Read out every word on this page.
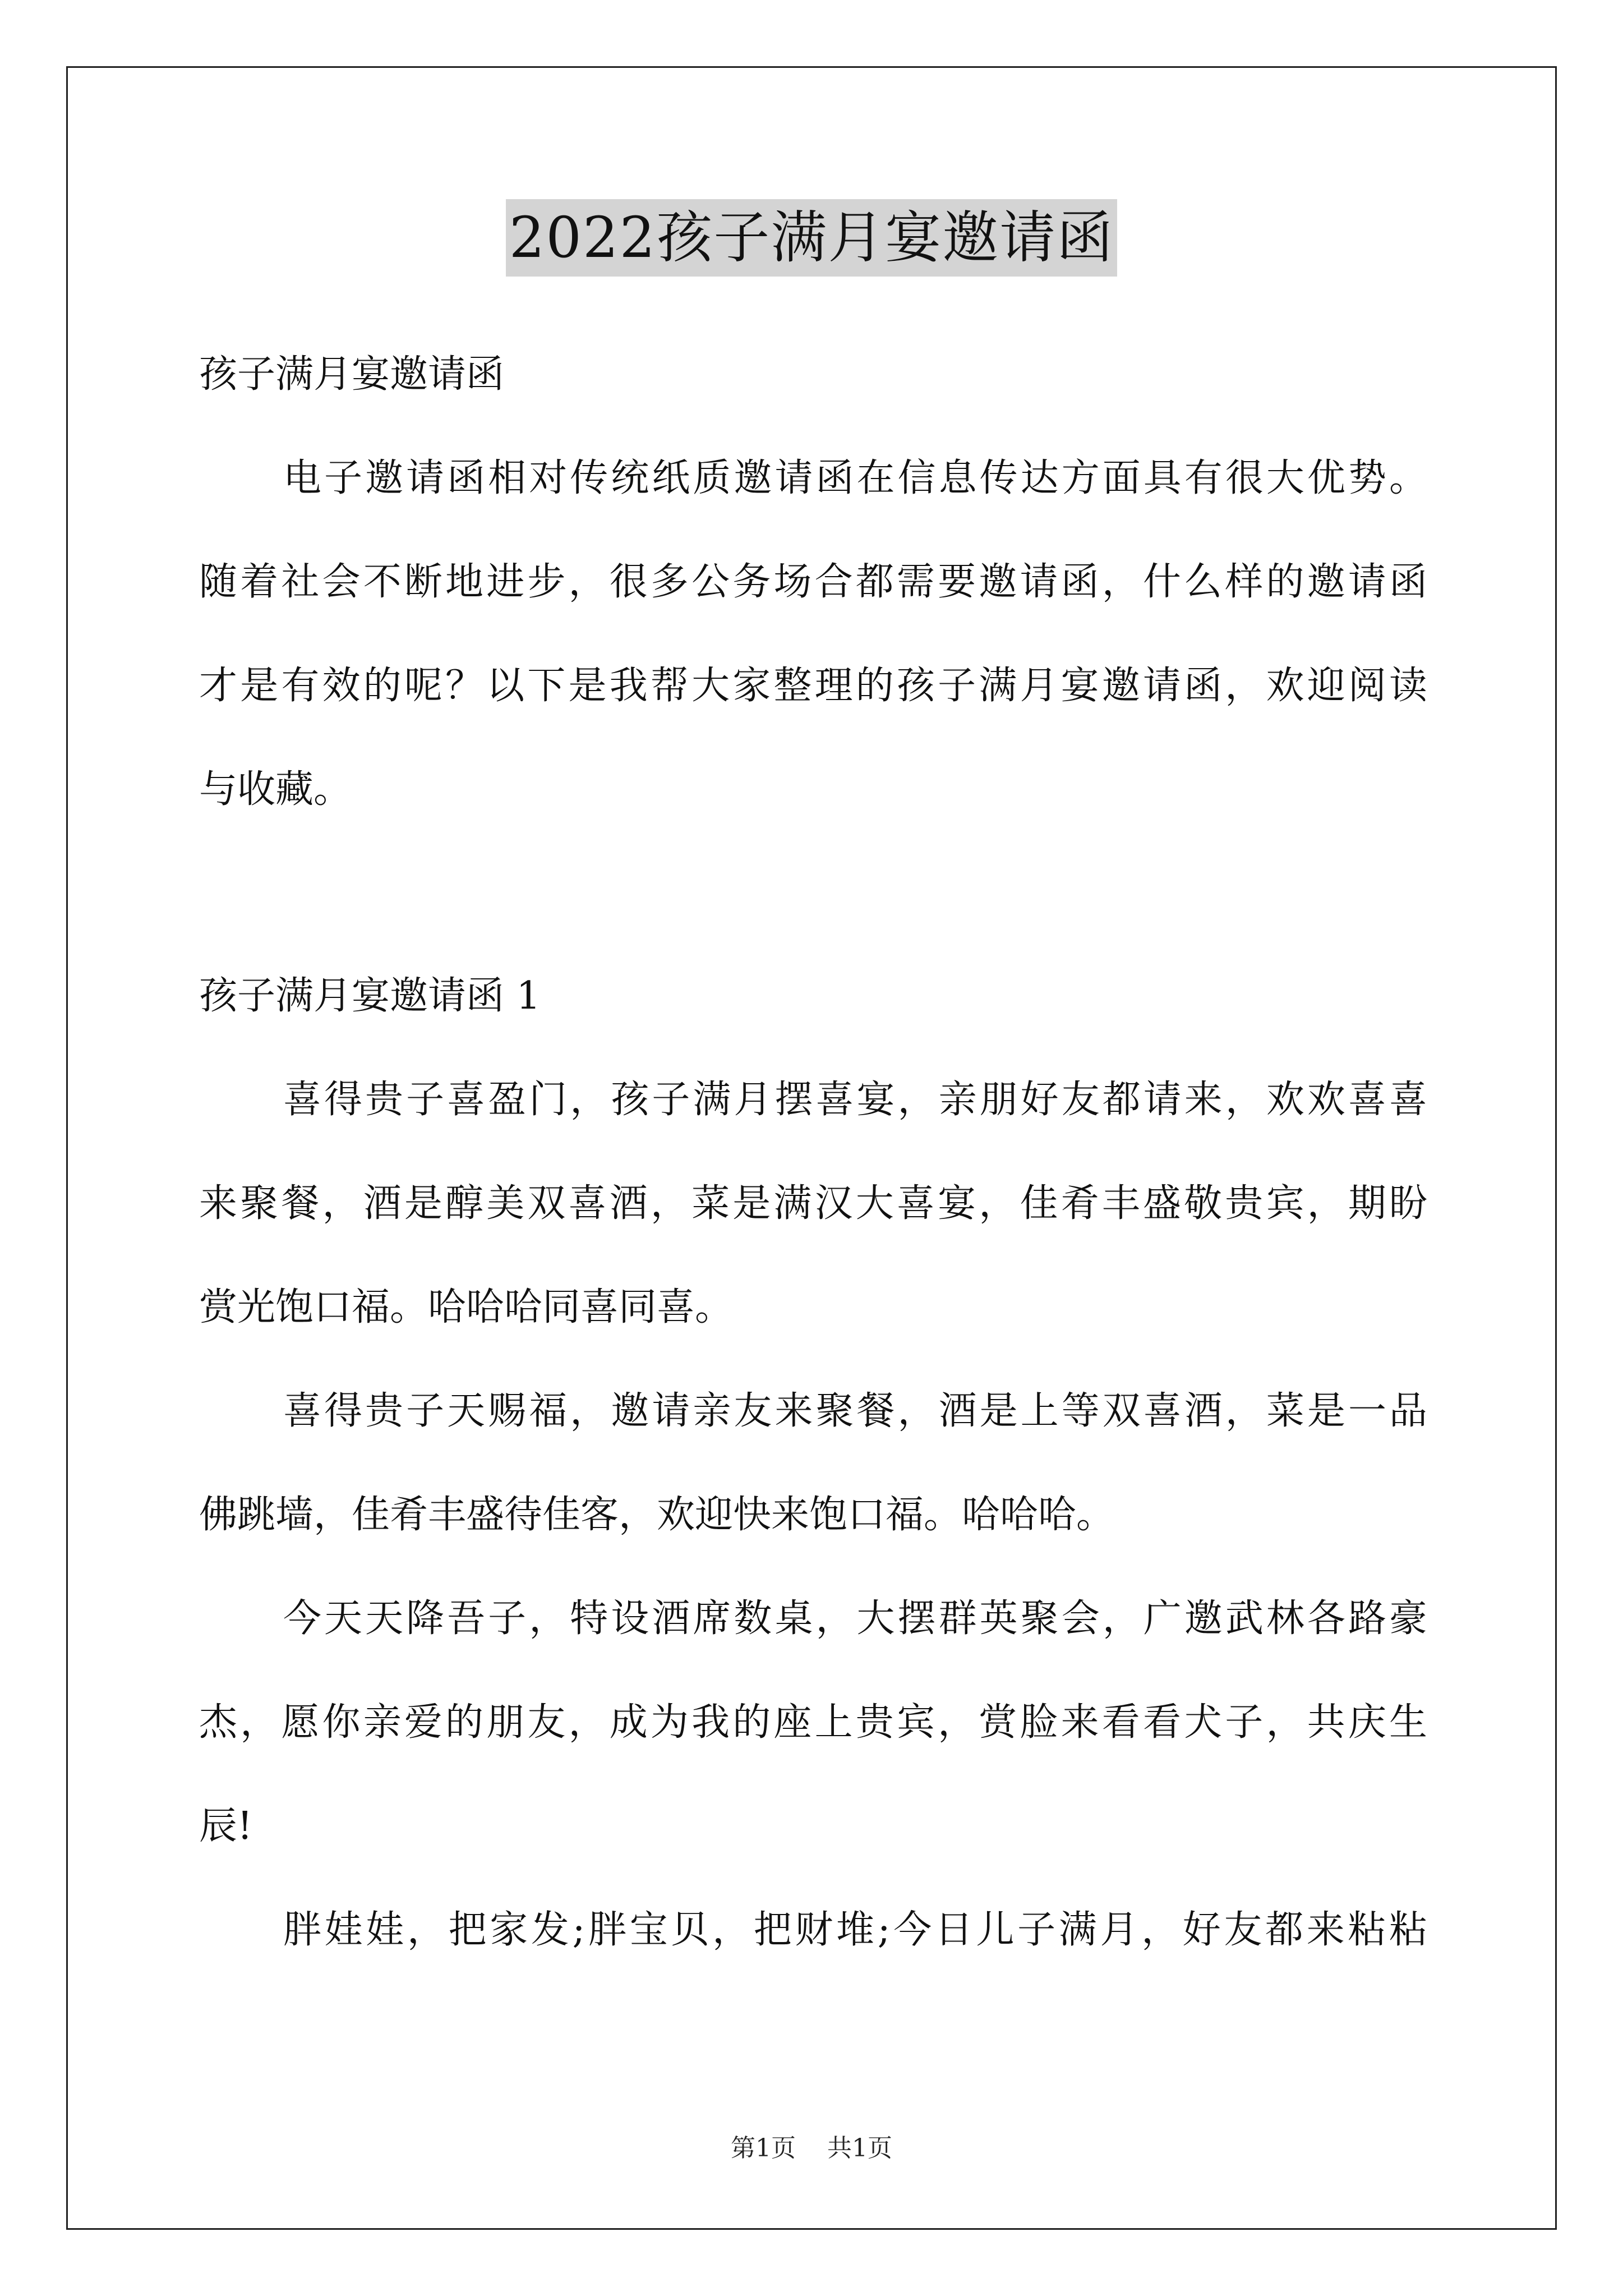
2022孩子满月宴邀请函
孩子满月宴邀请函
电子邀请函相对传统纸质邀请函在信息传达方面具有很大优势。
随着社会不断地进步，很多公务场合都需要邀请函，什么样的邀请函
才是有效的呢？以下是我帮大家整理的孩子满月宴邀请函，欢迎阅读
与收藏。
孩子满月宴邀请函 1
喜得贵子喜盈门，孩子满月摆喜宴，亲朋好友都请来，欢欢喜喜
来聚餐，酒是醇美双喜酒，菜是满汉大喜宴，佳肴丰盛敬贵宾，期盼
赏光饱口福。哈哈哈同喜同喜。
喜得贵子天赐福，邀请亲友来聚餐，酒是上等双喜酒，菜是一品
佛跳墙，佳肴丰盛待佳客，欢迎快来饱口福。哈哈哈。
今天天降吾子，特设酒席数桌，大摆群英聚会，广邀武林各路豪
杰，愿你亲爱的朋友，成为我的座上贵宾，赏脸来看看犬子，共庆生
辰!
胖娃娃，把家发;胖宝贝，把财堆;今日儿子满月，好友都来粘粘
第1页    共1页
